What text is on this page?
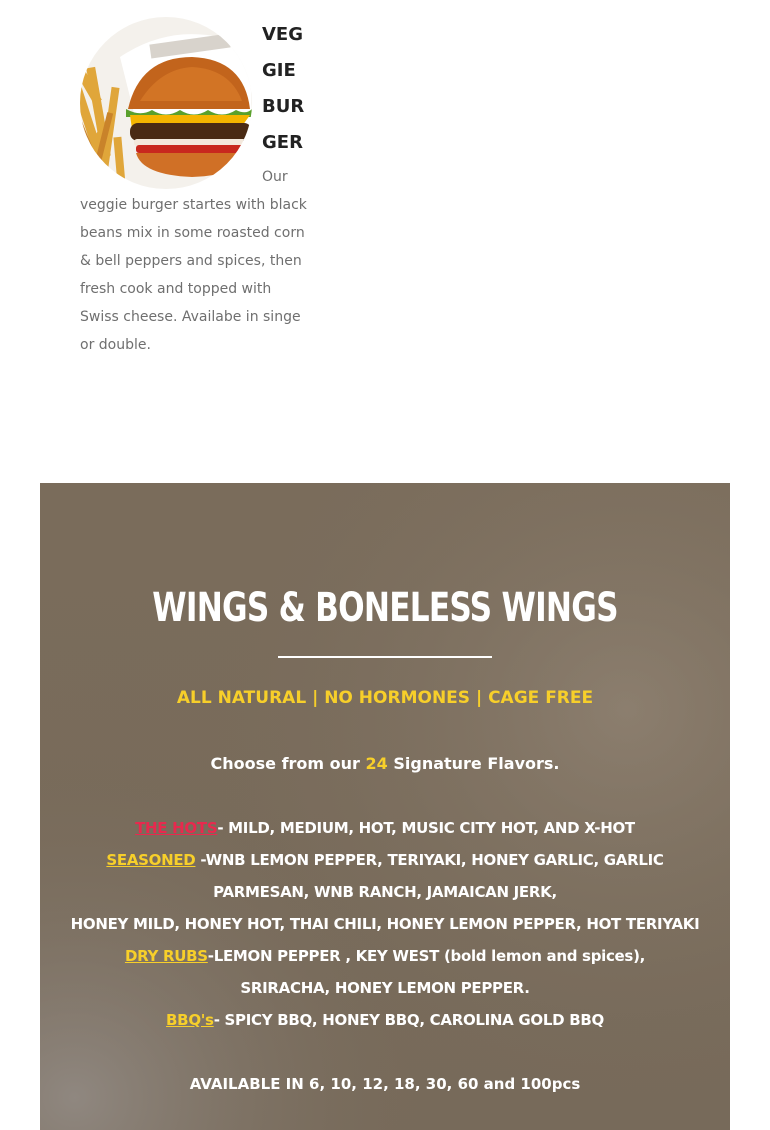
VEGGIE BURGER

Our veggie burger startes with black beans mix in some roasted corn & bell peppers and spices, then fresh cook and topped with Swiss cheese. Availabe in singe or double.

WINGS & BONELESS WINGS
ALL NATURAL | NO HORMONES | CAGE FREE
Choose from our 24 Signature Flavors.
THE HOTS- MILD, MEDIUM, HOT, MUSIC CITY HOT, AND X-HOT
SEASONED -WNB LEMON PEPPER, TERIYAKI, HONEY GARLIC, GARLIC
PARMESAN, WNB RANCH, JAMAICAN JERK,
HONEY MILD, HONEY HOT, THAI CHILI, HONEY LEMON PEPPER, HOT TERIYAKI
DRY RUBS-LEMON PEPPER , KEY WEST (bold lemon and spices),
SRIRACHA, HONEY LEMON PEPPER.
BBQ's- SPICY BBQ, HONEY BBQ, CAROLINA GOLD BBQ
AVAILABLE IN 6, 10, 12, 18, 30, 60 and 100pcs
